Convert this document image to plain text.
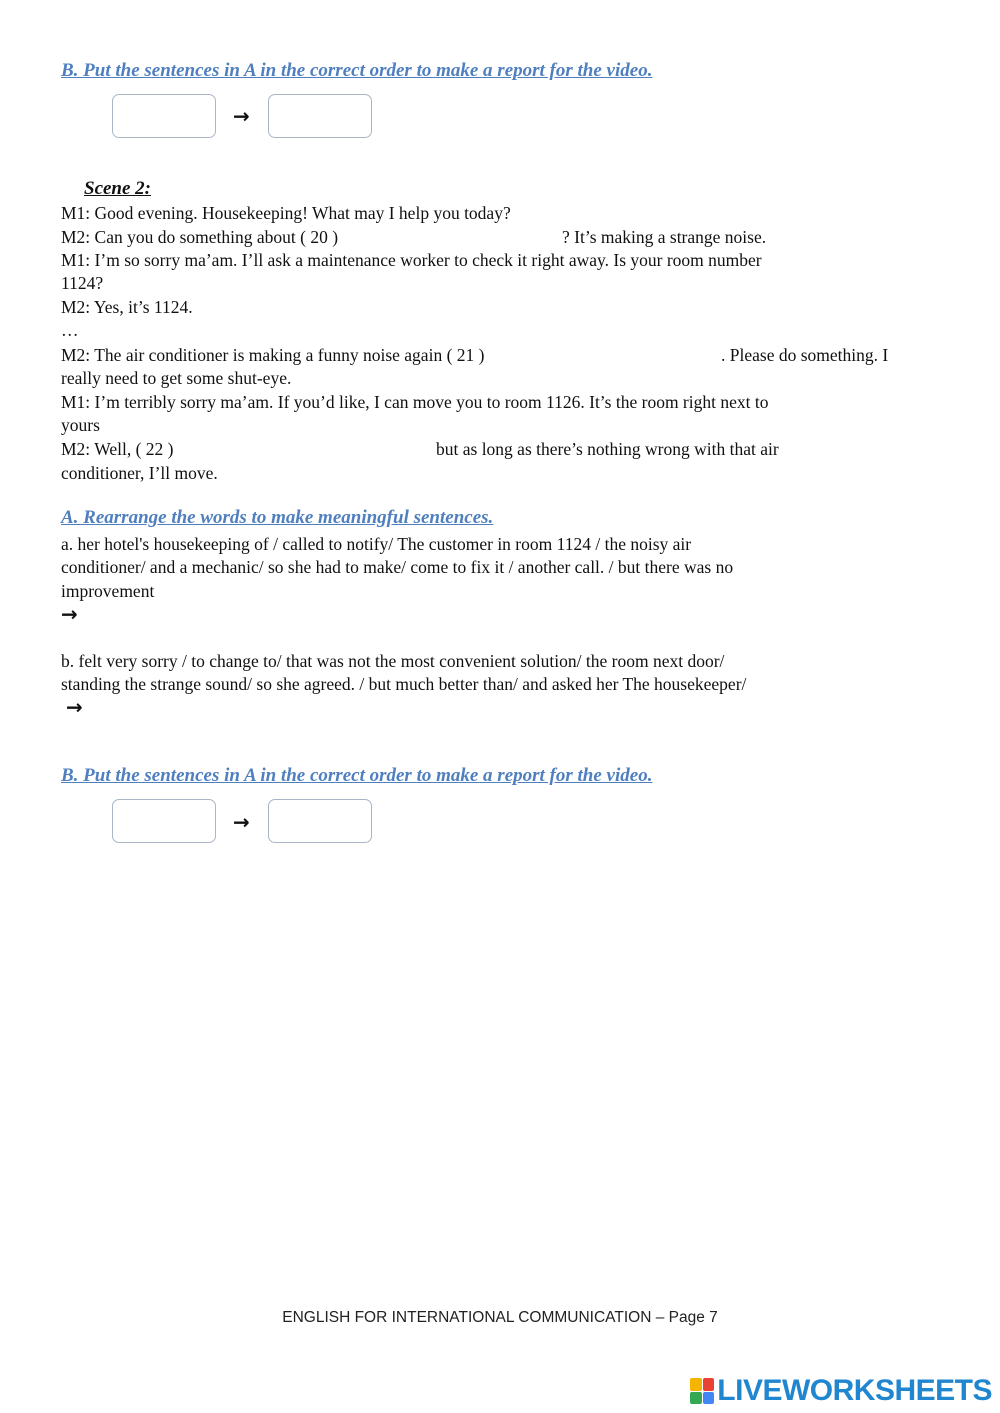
B. Put the sentences in A in the correct order to make a report for the video.
→
Scene 2:
M1: Good evening. Housekeeping! What may I help you today?
M2: Can you do something about ( 20 )	? It’s making a strange noise.
M1: I’m so sorry ma’am. I’ll ask a maintenance worker to check it right away. Is your room number
1124?
M2: Yes, it’s 1124.
…
M2: The air conditioner is making a funny noise again ( 21 )	. Please do something. I
really need to get some shut-eye.
M1: I’m terribly sorry ma’am. If you’d like, I can move you to room 1126. It’s the room right next to
yours
M2: Well, ( 22 )	but as long as there’s nothing wrong with that air
conditioner, I’ll move.
A. Rearrange the words to make meaningful sentences.
a. her hotel's housekeeping of / called to notify/ The customer in room 1124 / the noisy air
conditioner/ and a mechanic/ so she had to make/ come to fix it / another call. / but there was no
improvement
→
b. felt very sorry / to change to/ that was not the most convenient solution/ the room next door/
standing the strange sound/ so she agreed. / but much better than/ and asked her The housekeeper/
→
B. Put the sentences in A in the correct order to make a report for the video.
→
ENGLISH FOR INTERNATIONAL COMMUNICATION – Page 7
LIVEWORKSHEETS
